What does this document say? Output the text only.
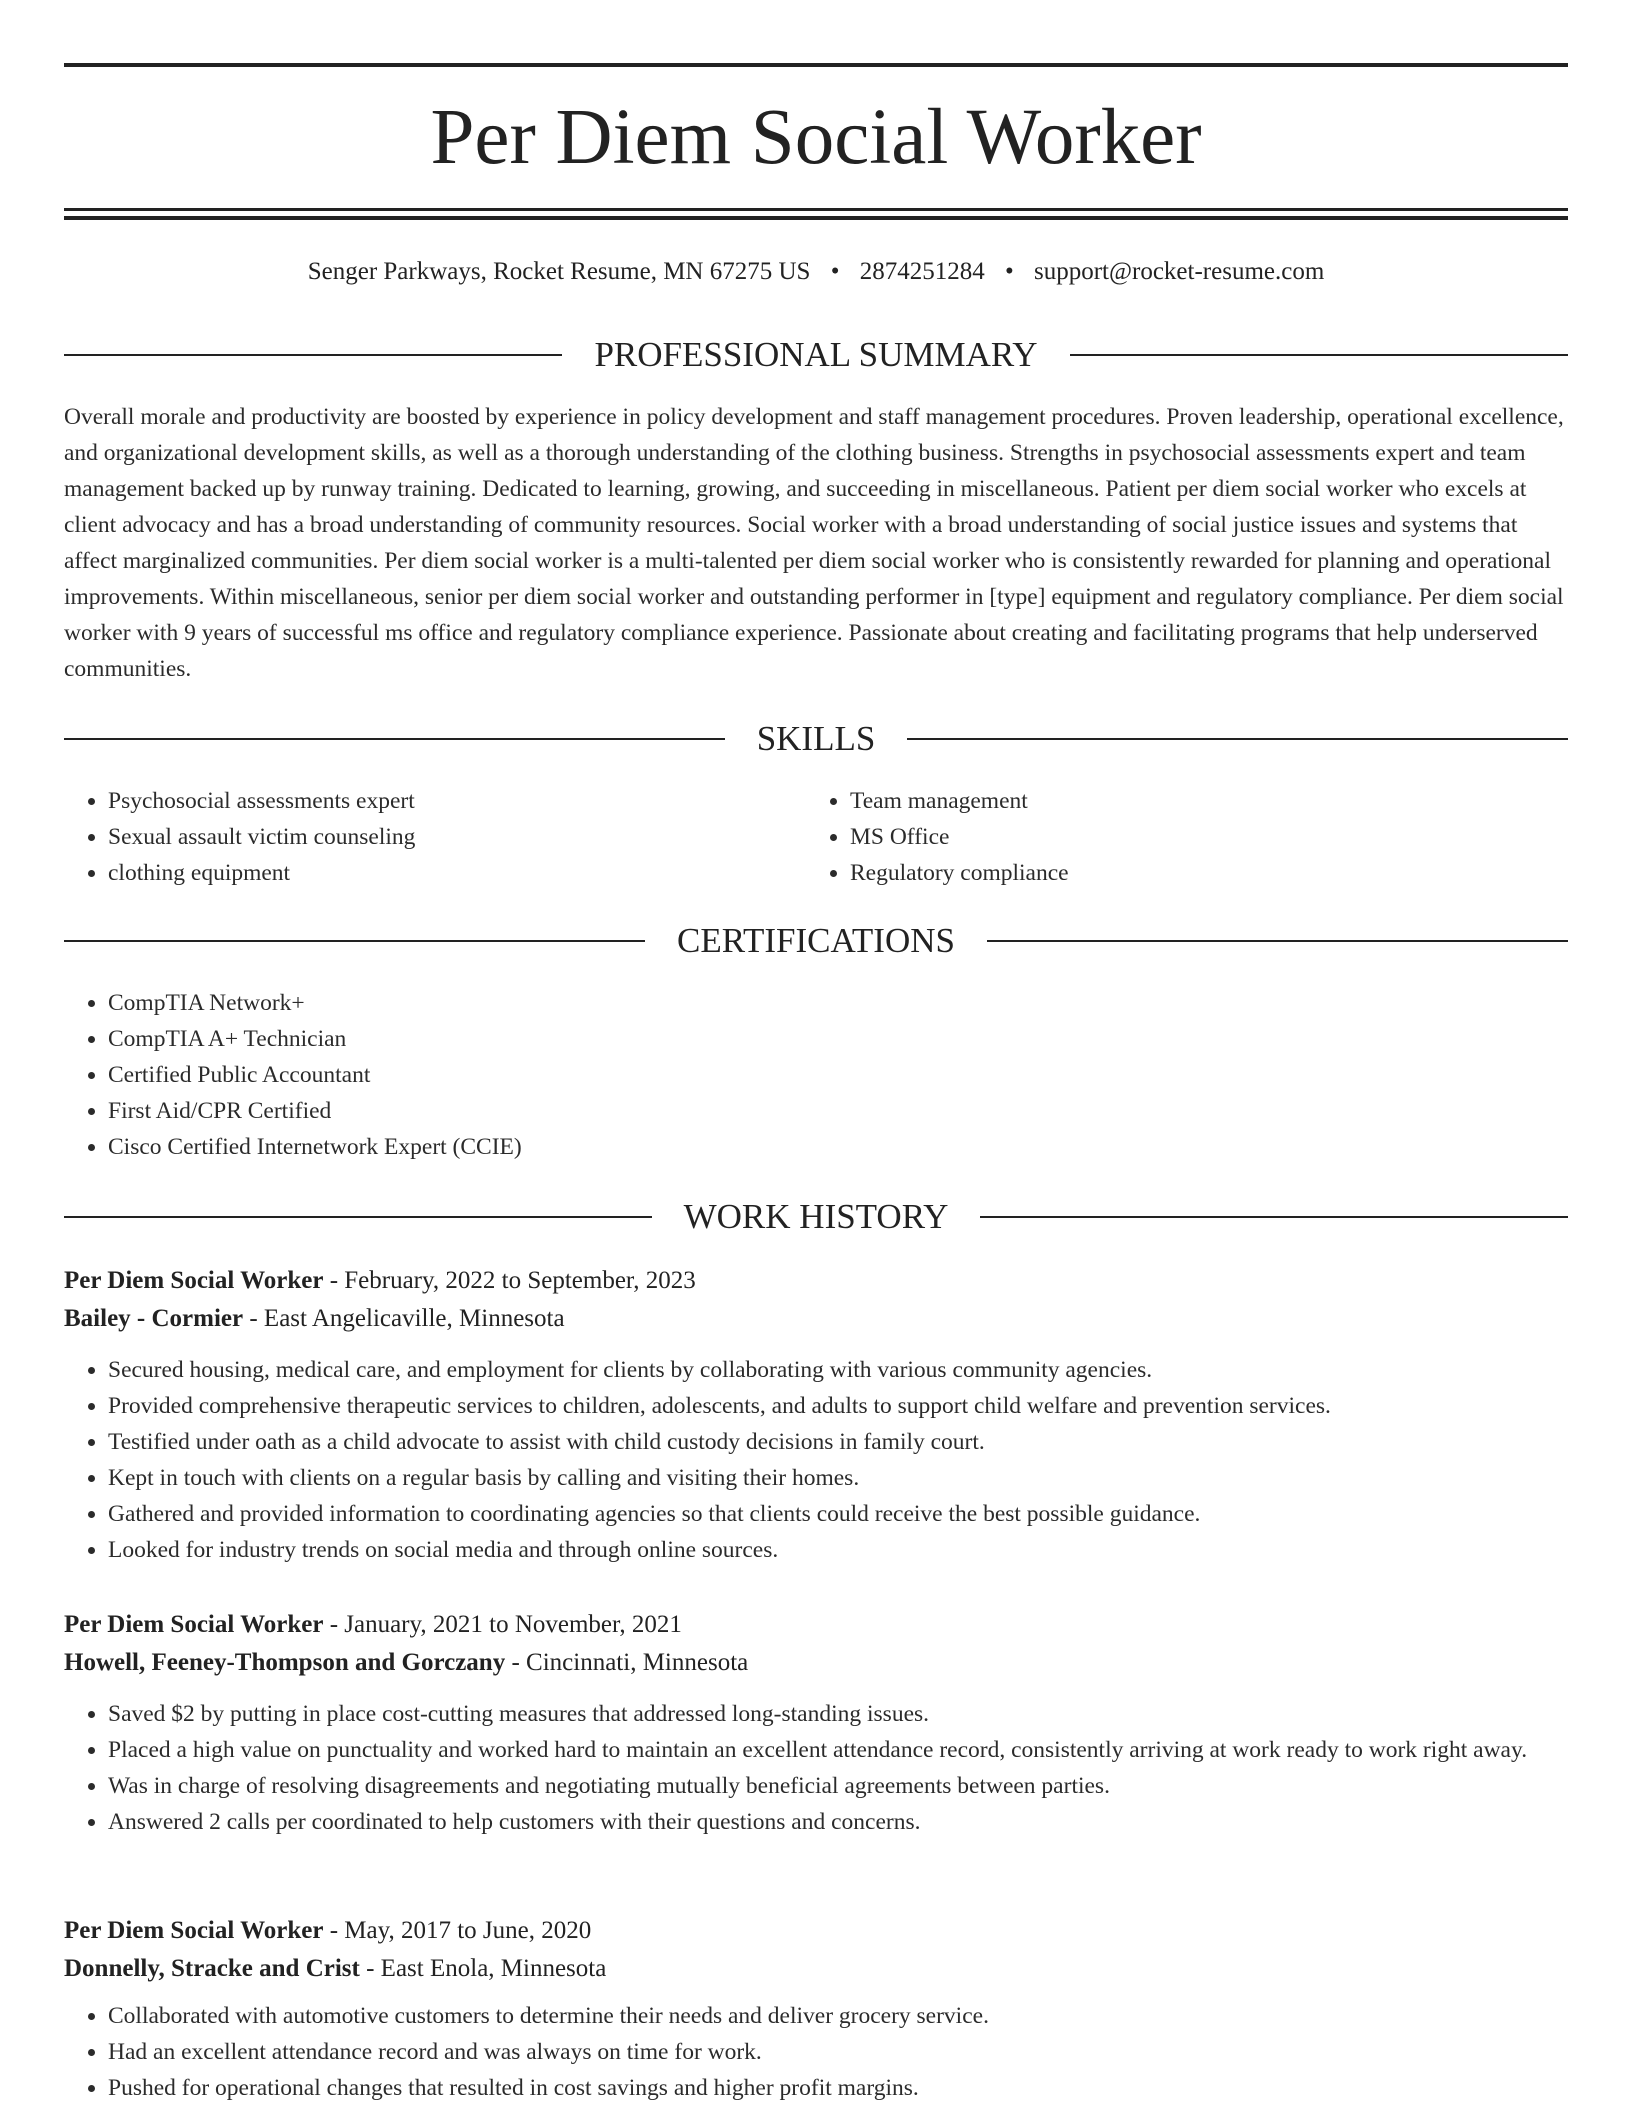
Per Diem Social Worker
Senger Parkways, Rocket Resume, MN 67275 US • 2874251284 • support@rocket-resume.com
PROFESSIONAL SUMMARY

Overall morale and productivity are boosted by experience in policy development and staff management procedures. Proven leadership, operational excellence, and organizational development skills, as well as a thorough understanding of the clothing business. Strengths in psychosocial assessments expert and team management backed up by runway training. Dedicated to learning, growing, and succeeding in miscellaneous. Patient per diem social worker who excels at client advocacy and has a broad understanding of community resources. Social worker with a broad understanding of social justice issues and systems that affect marginalized communities. Per diem social worker is a multi-talented per diem social worker who is consistently rewarded for planning and operational improvements. Within miscellaneous, senior per diem social worker and outstanding performer in [type] equipment and regulatory compliance. Per diem social worker with 9 years of successful ms office and regulatory compliance experience. Passionate about creating and facilitating programs that help underserved communities.

SKILLS
• Psychosocial assessments expert
• Sexual assault victim counseling
• clothing equipment
• Team management
• MS Office
• Regulatory compliance
CERTIFICATIONS
• CompTIA Network+
• CompTIA A+ Technician
• Certified Public Accountant
• First Aid/CPR Certified
• Cisco Certified Internetwork Expert (CCIE)
WORK HISTORY
Per Diem Social Worker - February, 2022 to September, 2023
Bailey - Cormier - East Angelicaville, Minnesota
• Secured housing, medical care, and employment for clients by collaborating with various community agencies.
• Provided comprehensive therapeutic services to children, adolescents, and adults to support child welfare and prevention services.
• Testified under oath as a child advocate to assist with child custody decisions in family court.
• Kept in touch with clients on a regular basis by calling and visiting their homes.
• Gathered and provided information to coordinating agencies so that clients could receive the best possible guidance.
• Looked for industry trends on social media and through online sources.
Per Diem Social Worker - January, 2021 to November, 2021
Howell, Feeney-Thompson and Gorczany - Cincinnati, Minnesota
• Saved $2 by putting in place cost-cutting measures that addressed long-standing issues.
• Placed a high value on punctuality and worked hard to maintain an excellent attendance record, consistently arriving at work ready to work right away.
• Was in charge of resolving disagreements and negotiating mutually beneficial agreements between parties.
• Answered 2 calls per coordinated to help customers with their questions and concerns.
Per Diem Social Worker - May, 2017 to June, 2020
Donnelly, Stracke and Crist - East Enola, Minnesota
• Collaborated with automotive customers to determine their needs and deliver grocery service.
• Had an excellent attendance record and was always on time for work.
• Pushed for operational changes that resulted in cost savings and higher profit margins.
